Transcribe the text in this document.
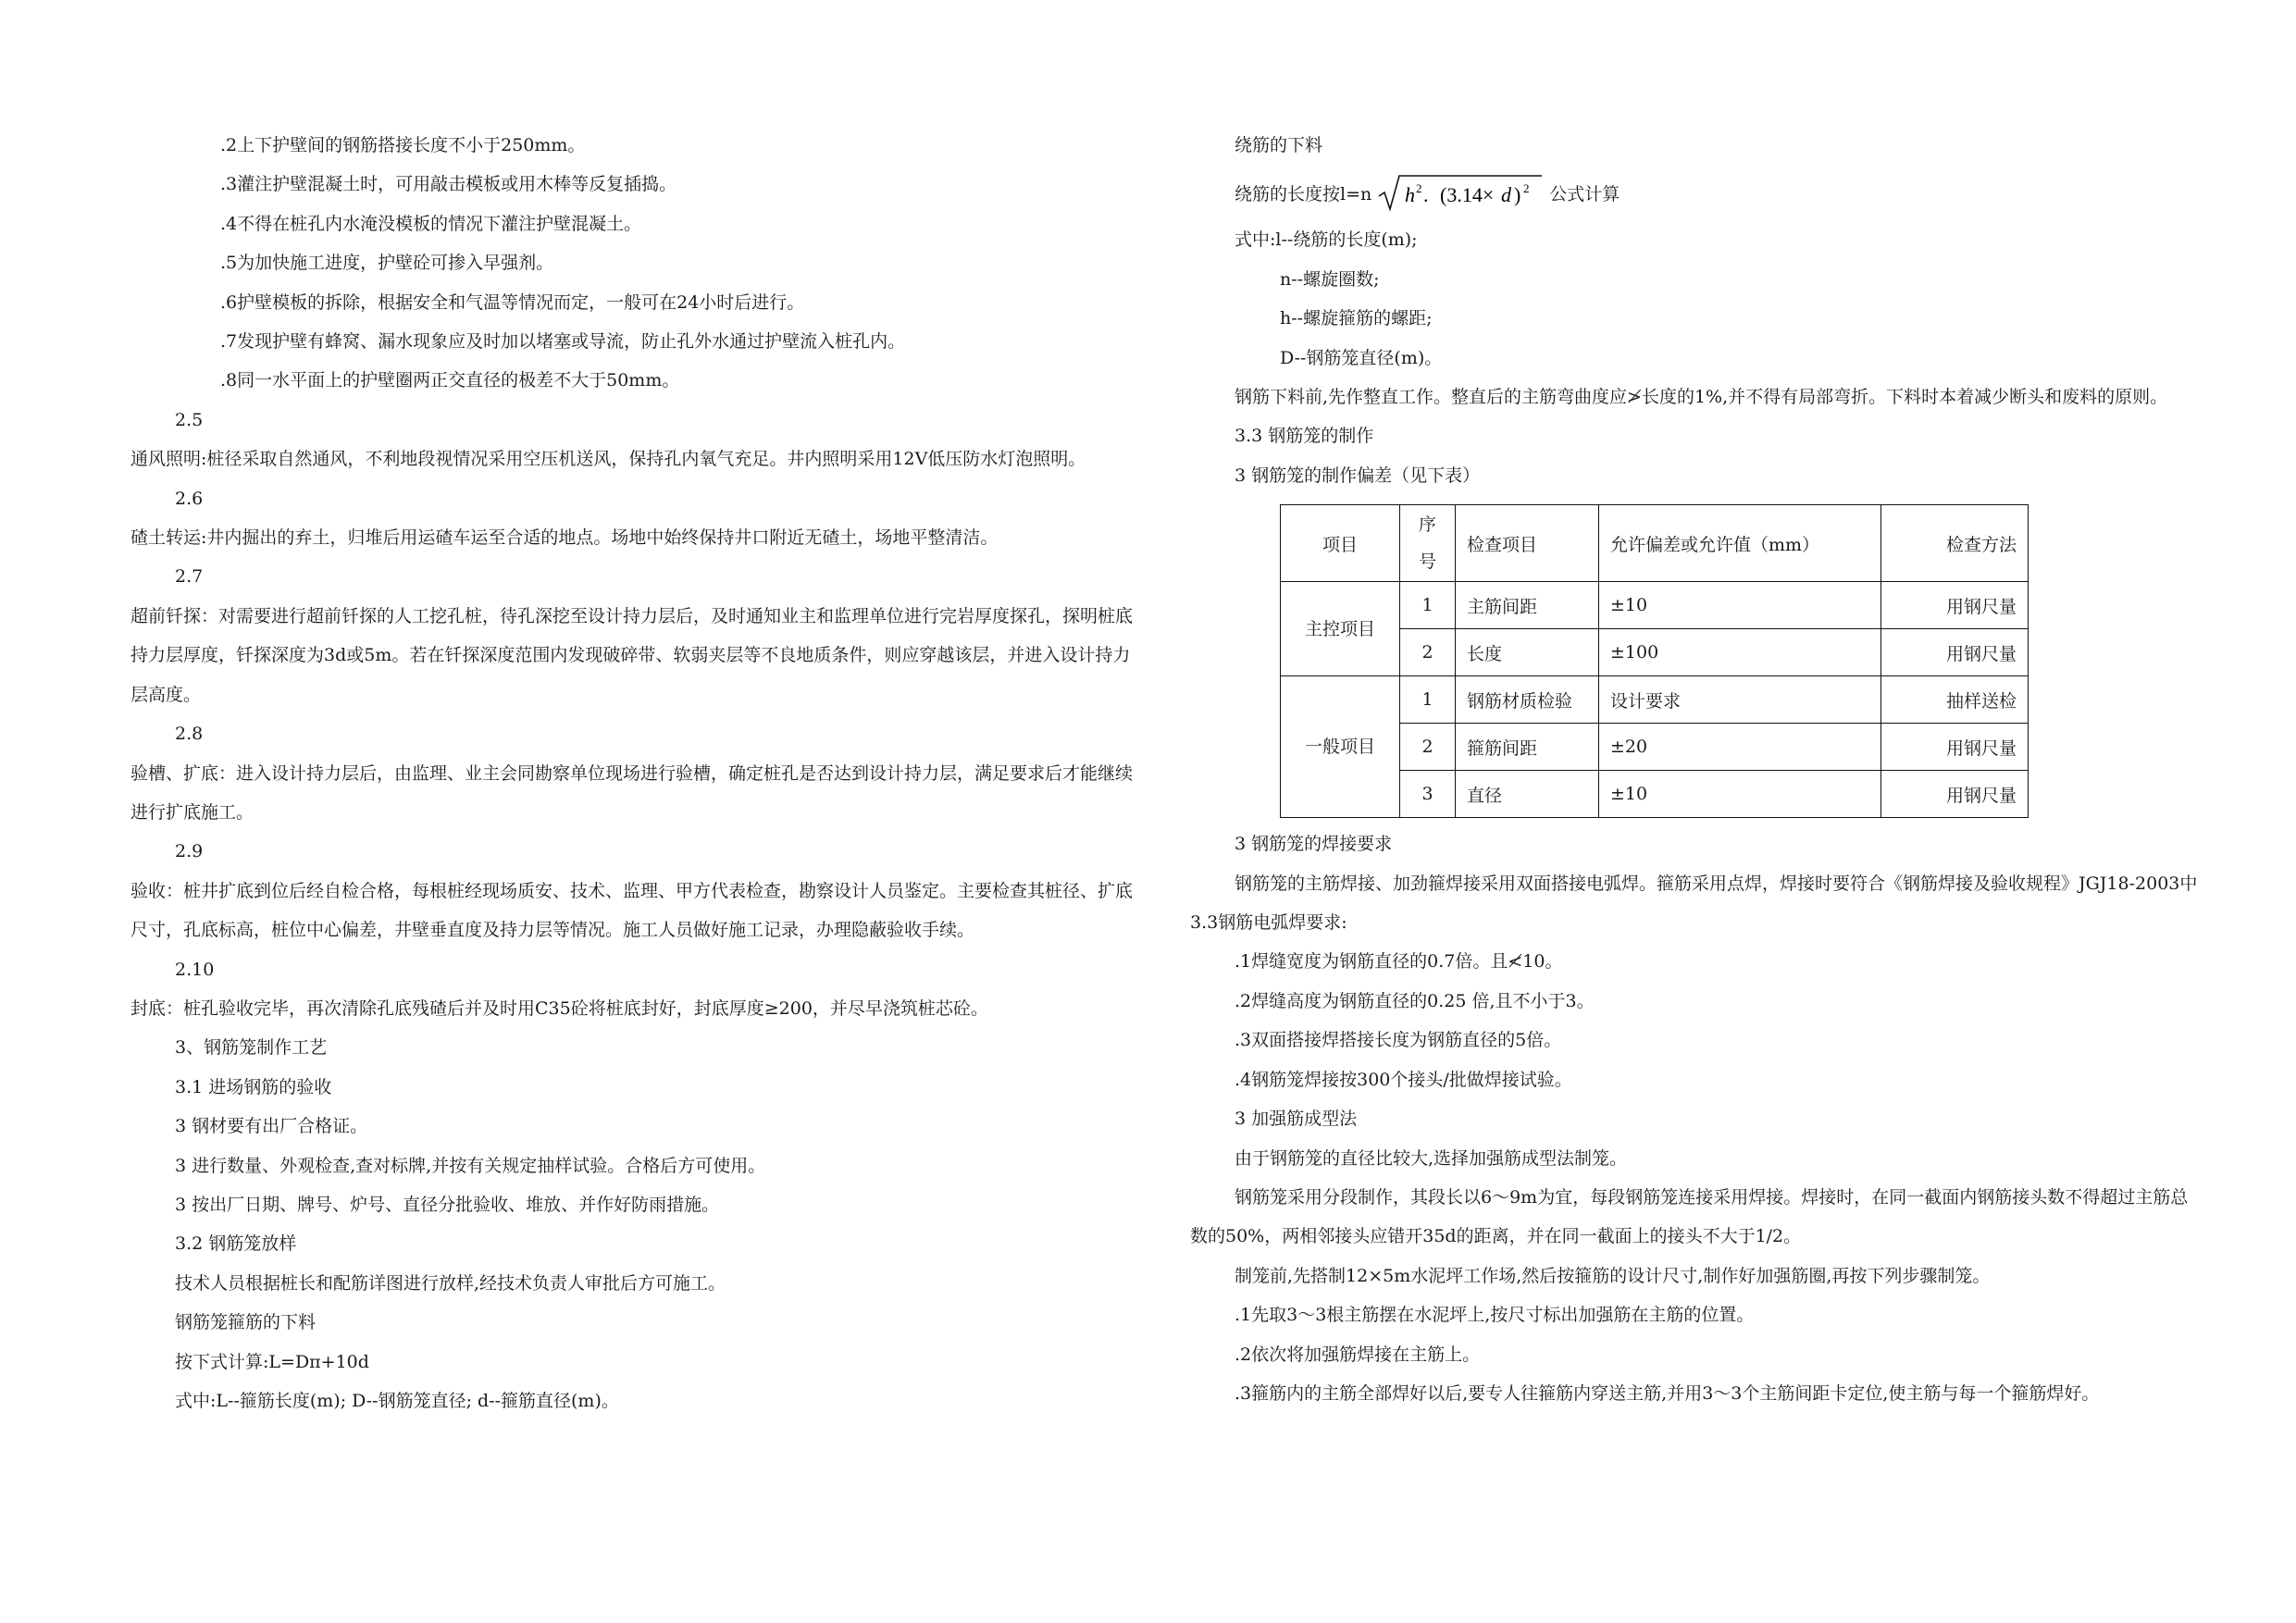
.2上下护壁间的钢筋搭接长度不小于250mm。

.3灌注护壁混凝土时，可用敲击模板或用木棒等反复插捣。

.4不得在桩孔内水淹没模板的情况下灌注护壁混凝土。

.5为加快施工进度，护壁砼可掺入早强剂。

.6护壁模板的拆除，根据安全和气温等情况而定，一般可在24小时后进行。

.7发现护壁有蜂窝、漏水现象应及时加以堵塞或导流，防止孔外水通过护壁流入桩孔内。

.8同一水平面上的护壁圈两正交直径的极差不大于50mm。

2.5

通风照明:桩径采取自然通风，不利地段视情况采用空压机送风，保持孔内氧气充足。井内照明采用12V低压防水灯泡照明。

2.6

碴土转运:井内掘出的弃土，归堆后用运碴车运至合适的地点。场地中始终保持井口附近无碴土，场地平整清洁。

2.7

超前钎探：对需要进行超前钎探的人工挖孔桩，待孔深挖至设计持力层后，及时通知业主和监理单位进行完岩厚度探孔，探明桩底持力层厚度，钎探深度为3d或5m。若在钎探深度范围内发现破碎带、软弱夹层等不良地质条件，则应穿越该层，并进入设计持力层高度。

2.8

验槽、扩底：进入设计持力层后，由监理、业主会同勘察单位现场进行验槽，确定桩孔是否达到设计持力层，满足要求后才能继续进行扩底施工。

2.9

验收：桩井扩底到位后经自检合格，每根桩经现场质安、技术、监理、甲方代表检查，勘察设计人员鉴定。主要检查其桩径、扩底尺寸，孔底标高，桩位中心偏差，井壁垂直度及持力层等情况。施工人员做好施工记录，办理隐蔽验收手续。

2.10

封底：桩孔验收完毕，再次清除孔底残碴后并及时用C35砼将桩底封好，封底厚度≥200，并尽早浇筑桩芯砼。

3、钢筋笼制作工艺

3.1 进场钢筋的验收

3 钢材要有出厂合格证。

3 进行数量、外观检查,查对标牌,并按有关规定抽样试验。合格后方可使用。

3 按出厂日期、牌号、炉号、直径分批验收、堆放、并作好防雨措施。

3.2 钢筋笼放样

技术人员根据桩长和配筋详图进行放样,经技术负责人审批后方可施工。

钢筋笼箍筋的下料

按下式计算:L=Dπ+10d

式中:L--箍筋长度(m); D--钢筋笼直径; d--箍筋直径(m)。

绕筋的下料

绕筋的长度按l=n h 2 . (3.14× d ) 2 公式计算

式中:l--绕筋的长度(m);

n--螺旋圈数;

h--螺旋箍筋的螺距;

D--钢筋笼直径(m)。

钢筋下料前,先作整直工作。整直后的主筋弯曲度应≯长度的1%,并不得有局部弯折。下料时本着减少断头和废料的原则。

3.3 钢筋笼的制作

3 钢筋笼的制作偏差（见下表）

项目	序号	检查项目	允许偏差或允许值（mm）	检查方法
主控项目	1	主筋间距	±10	用钢尺量
	2	长度	±100	用钢尺量
一般项目	1	钢筋材质检验	设计要求	抽样送检
	2	箍筋间距	±20	用钢尺量
	3	直径	±10	用钢尺量

3 钢筋笼的焊接要求

钢筋笼的主筋焊接、加劲箍焊接采用双面搭接电弧焊。箍筋采用点焊，焊接时要符合《钢筋焊接及验收规程》JGJ18-2003中3.3钢筋电弧焊要求:

.1焊缝宽度为钢筋直径的0.7倍。且≮10。

.2焊缝高度为钢筋直径的0.25 倍,且不小于3。

.3双面搭接焊搭接长度为钢筋直径的5倍。

.4钢筋笼焊接按300个接头/批做焊接试验。

3 加强筋成型法

由于钢筋笼的直径比较大,选择加强筋成型法制笼。

钢筋笼采用分段制作，其段长以6～9m为宜，每段钢筋笼连接采用焊接。焊接时，在同一截面内钢筋接头数不得超过主筋总数的50%，两相邻接头应错开35d的距离，并在同一截面上的接头不大于1/2。

制笼前,先搭制12×5m水泥坪工作场,然后按箍筋的设计尺寸,制作好加强筋圈,再按下列步骤制笼。

.1先取3～3根主筋摆在水泥坪上,按尺寸标出加强筋在主筋的位置。

.2依次将加强筋焊接在主筋上。

.3箍筋内的主筋全部焊好以后,要专人往箍筋内穿送主筋,并用3～3个主筋间距卡定位,使主筋与每一个箍筋焊好。
